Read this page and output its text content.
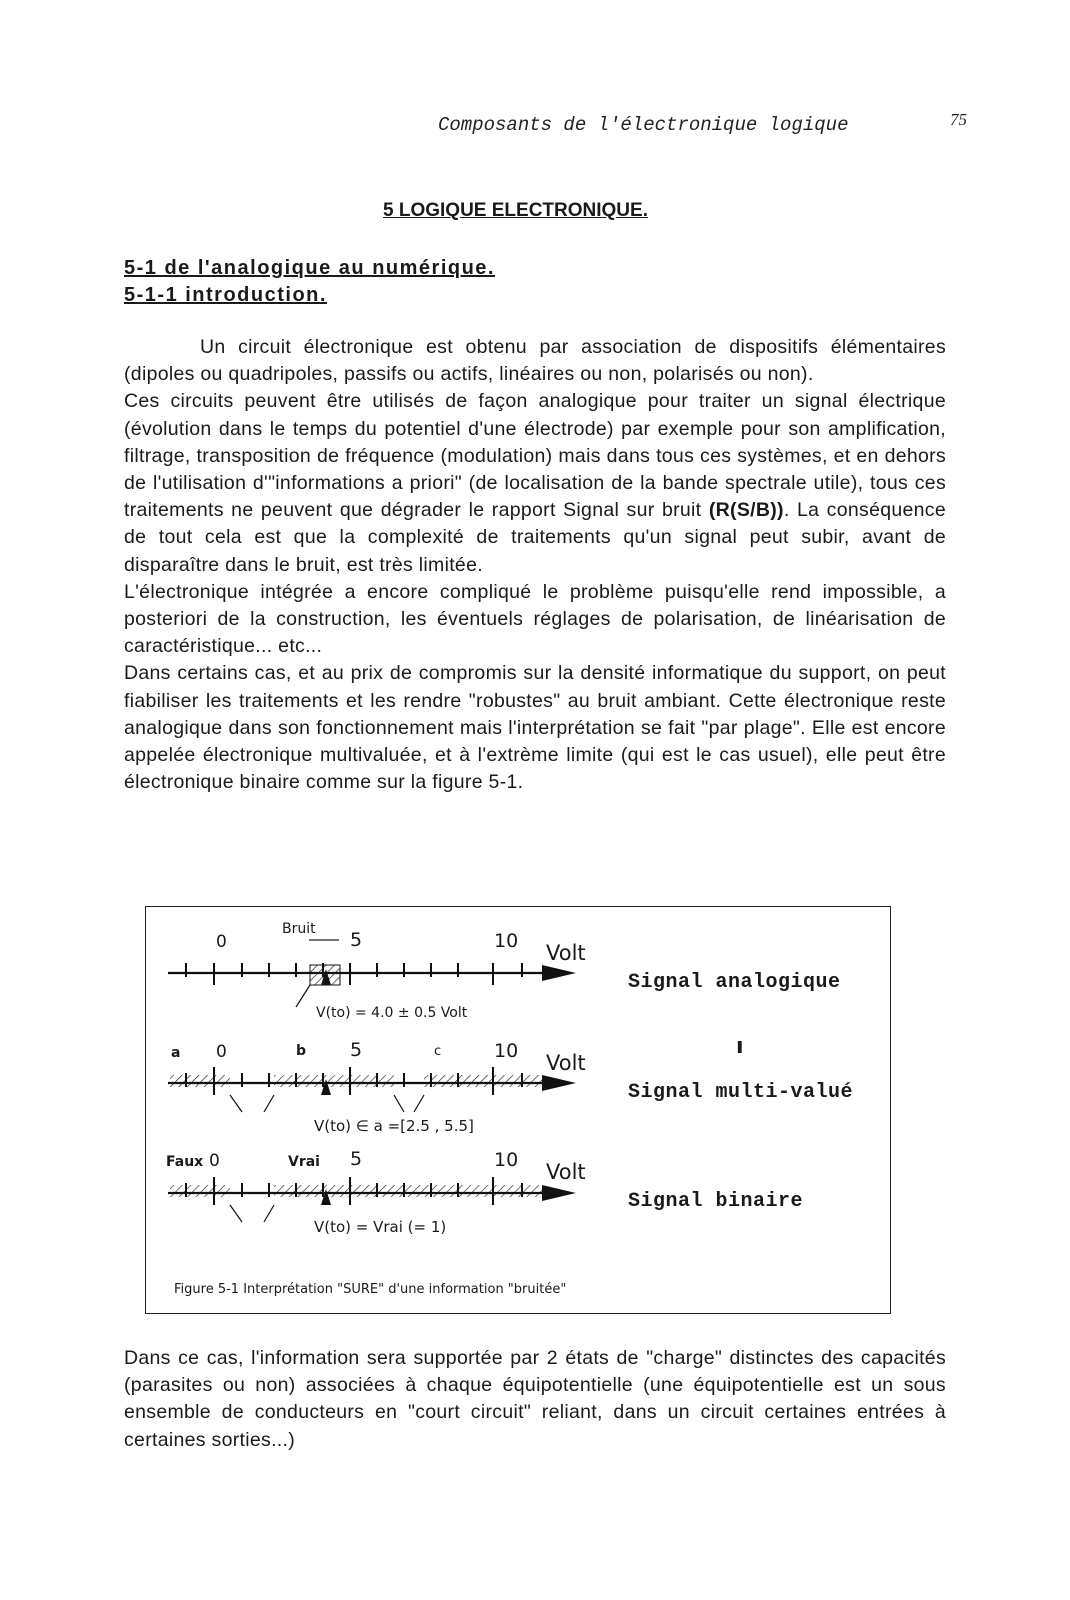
Composants de l'électronique logique	75
5 LOGIQUE ELECTRONIQUE.
5-1 de l'analogique au numérique.
5-1-1 introduction.

Un circuit électronique est obtenu par association de dispositifs élémentaires (dipoles ou quadripoles, passifs ou actifs, linéaires ou non, polarisés ou non).

Ces circuits peuvent être utilisés de façon analogique pour traiter un signal électrique (évolution dans le temps du potentiel d'une électrode) par exemple pour son amplification, filtrage, transposition de fréquence (modulation) mais dans tous ces systèmes, et en dehors de l'utilisation d'"informations a priori" (de localisation de la bande spectrale utile), tous ces traitements ne peuvent que dégrader le rapport Signal sur bruit (R(S/B)). La conséquence de tout cela est que la complexité de traitements qu'un signal peut subir, avant de disparaître dans le bruit, est très limitée.

L'électronique intégrée a encore compliqué le problème puisqu'elle rend impossible, a posteriori de la construction, les éventuels réglages de polarisation, de linéarisation de caractéristique... etc...

Dans certains cas, et au prix de compromis sur la densité informatique du support, on peut fiabiliser les traitements et les rendre "robustes" au bruit ambiant. Cette électronique reste analogique dans son fonctionnement mais l'interprétation se fait "par plage". Elle est encore appelée électronique multivaluée, et à l'extrème limite (qui est le cas usuel), elle peut être électronique binaire comme sur la figure 5-1.

0
Bruit 5	10 Volt
V(to) = 4.0 ± 0.5 Volt
Signal analogique
ı
a 0	b 5	c	10 Volt
V(to) ∈ a =[2.5 , 5.5]
Signal multi-valué
Faux 0	Vrai 5	10 Volt
V(to) = Vrai (= 1)
Signal binaire
Figure 5-1 Interprétation "SURE" d'une information "bruitée"

Dans ce cas, l'information sera supportée par 2 états de "charge" distinctes des capacités (parasites ou non) associées à chaque équipotentielle (une équipotentielle est un sous ensemble de conducteurs en "court circuit" reliant, dans un circuit certaines entrées à certaines sorties...)
